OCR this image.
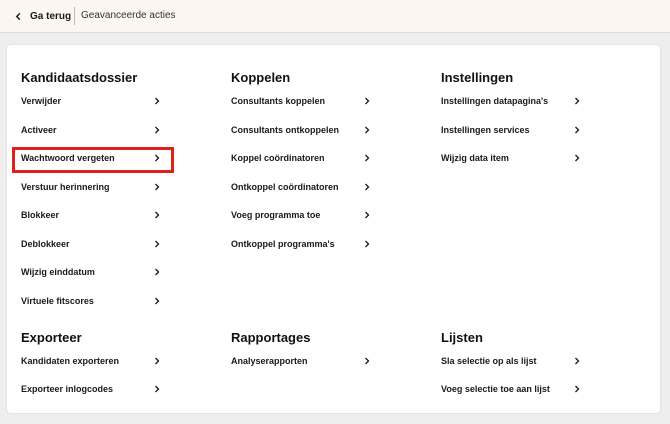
Ga terug Geavanceerde acties
Kandidaatsdossier
Verwijder
Activeer
Wachtwoord vergeten
Verstuur herinnering
Blokkeer
Deblokkeer
Wijzig einddatum
Virtuele fitscores
Koppelen
Consultants koppelen
Consultants ontkoppelen
Koppel coördinatoren
Ontkoppel coördinatoren
Voeg programma toe
Ontkoppel programma's
Instellingen
Instellingen datapagina's
Instellingen services
Wijzig data item
Exporteer
Kandidaten exporteren
Exporteer inlogcodes
Rapportages
Analyserapporten
Lijsten
Sla selectie op als lijst
Voeg selectie toe aan lijst
